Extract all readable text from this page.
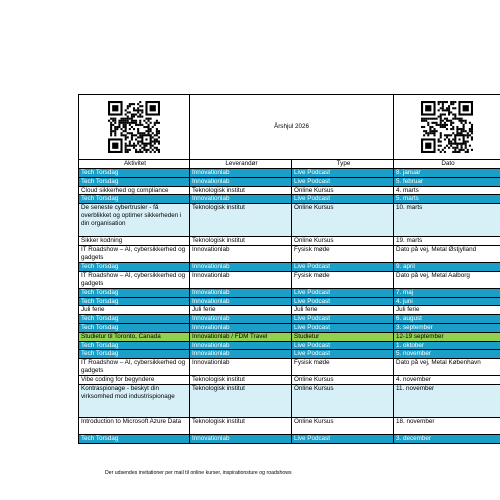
	Årshjul 2026	

Aktivitet	Leverandør	Type	Dato
Tech Torsdag	Innovationlab	Live Podcast	8. januar
Tech Torsdag	Innovationlab	Live Podcast	5. februar
Cloud sikkerhed og compliance	Teknologisk institut	Online Kursus	4. marts
Tech Torsdag	Innovationlab	Live Podcast	5. marts
De seneste cybertrusler - få overblikket og optimer sikkerheden i din organisation	Teknologisk institut	Online Kursus	10. marts
Sikker kodning	Teknologisk institut	Online Kursus	19. marts
IT Roadshow – AI, cybersikkerhed og gadgets	Innovationlab	Fysisk møde	Dato på vej, Metal Østjylland
Tech Torsdag	Innovationlab	Live Podcast	9. april
IT Roadshow – AI, cybersikkerhed og gadgets	Innovationlab	Fysisk møde	Dato på vej, Metal Aalborg
Tech Torsdag	Innovationlab	Live Podcast	7. maj
Tech Torsdag	Innovationlab	Live Podcast	4. juni
Juli ferie	Juli ferie	Juli ferie	Juli ferie
Tech Torsdag	Innovationlab	Live Podcast	6. august
Tech Torsdag	Innovationlab	Live Podcast	3. september
Studietur til Toronto, Canada	Innovationlab / FDM Travel	Studietur	12-19 september
Tech Torsdag	Innovationlab	Live Podcast	1. oktober
Tech Torsdag	Innovationlab	Live Podcast	5. november
IT Roadshow – AI, cybersikkerhed og gadgets	Innovationlab	Fysisk møde	Dato på vej, Metal København
Vibe coding for begyndere	Teknologisk institut	Online Kursus	4. november
Kontraspionage - beskyt din virksomhed mod industrispionage	Teknologisk institut	Online Kursus	11. november
Introduction to Microsoft Azure Data	Teknologisk institut	Online Kursus	18. november
Tech Torsdag	Innovationlab	Live Podcast	3. december
Der udsendes invitationer per mail til online kurser, inspirationsture og roadshows
